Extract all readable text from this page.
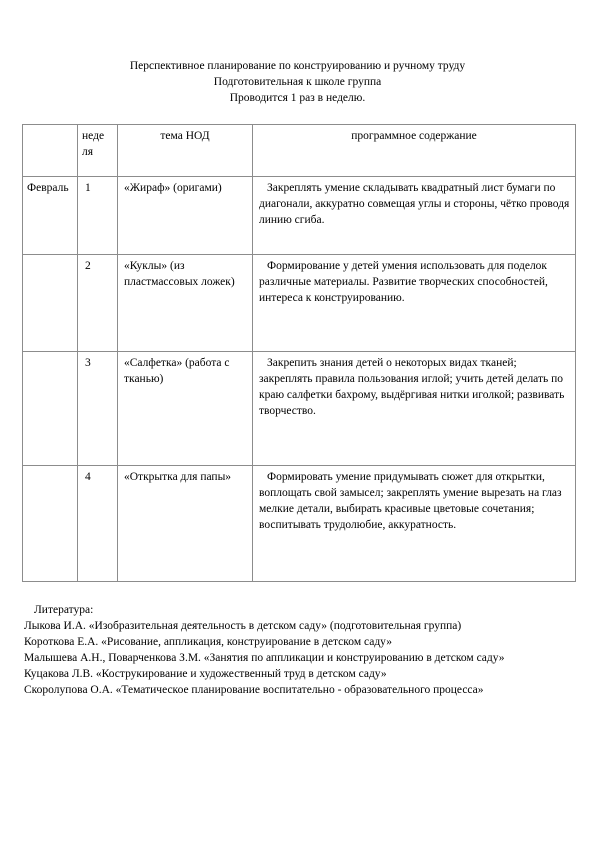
Перспективное планирование по конструированию и ручному труду
Подготовительная к школе группа
Проводится 1 раз в неделю.
	неде ля	тема НОД	программное содержание
Февраль	1	«Жираф» (оригами)	Закреплять умение складывать квадратный лист бумаги по диагонали, аккуратно совмещая углы и стороны, чётко проводя линию сгиба.
	2	«Куклы» (из пластмассовых ложек)	Формирование у детей умения использовать для поделок различные материалы. Развитие творческих способностей, интереса к конструированию.
	3	«Салфетка» (работа с тканью)	Закрепить знания детей о некоторых видах тканей; закреплять правила пользования иглой; учить детей делать по краю салфетки бахрому, выдёргивая нитки иголкой; развивать творчество.
	4	«Открытка для папы»	Формировать умение придумывать сюжет для открытки, воплощать свой замысел; закреплять умение вырезать на глаз мелкие детали, выбирать красивые цветовые сочетания; воспитывать трудолюбие, аккуратность.
Литература:
Лыкова И.А. «Изобразительная деятельность в детском саду» (подготовительная группа)
Короткова Е.А. «Рисование, аппликация, конструирование в детском саду»
Малышева А.Н., Поварченкова З.М. «Занятия по аппликации и конструированию в детском саду»
Куцакова Л.В. «Кострукирование и художественный труд в детском саду»
Скоролупова О.А. «Тематическое планирование воспитательно - образовательного процесса»
